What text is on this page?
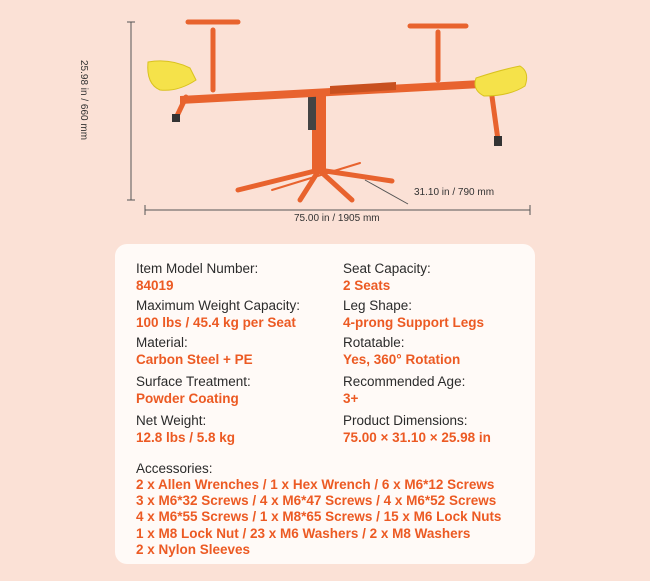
25.98 in / 660 mm
31.10 in / 790 mm
75.00 in / 1905 mm
Item Model Number:
84019
Seat Capacity:
2 Seats
Maximum Weight Capacity:
100 lbs / 45.4 kg per Seat
Leg Shape:
4-prong Support Legs
Material:
Carbon Steel + PE
Rotatable:
Yes, 360° Rotation
Surface Treatment:
Powder Coating
Recommended Age:
3+
Net Weight:
12.8 lbs / 5.8 kg
Product Dimensions:
75.00 × 31.10 × 25.98 in
Accessories:
2 x Allen Wrenches / 1 x Hex Wrench / 6 x M6*12 Screws
3 x M6*32 Screws / 4 x M6*47 Screws / 4 x M6*52 Screws
4 x M6*55 Screws / 1 x M8*65 Screws / 15 x M6 Lock Nuts
1 x M8 Lock Nut / 23 x M6 Washers / 2 x M8 Washers
2 x Nylon Sleeves
